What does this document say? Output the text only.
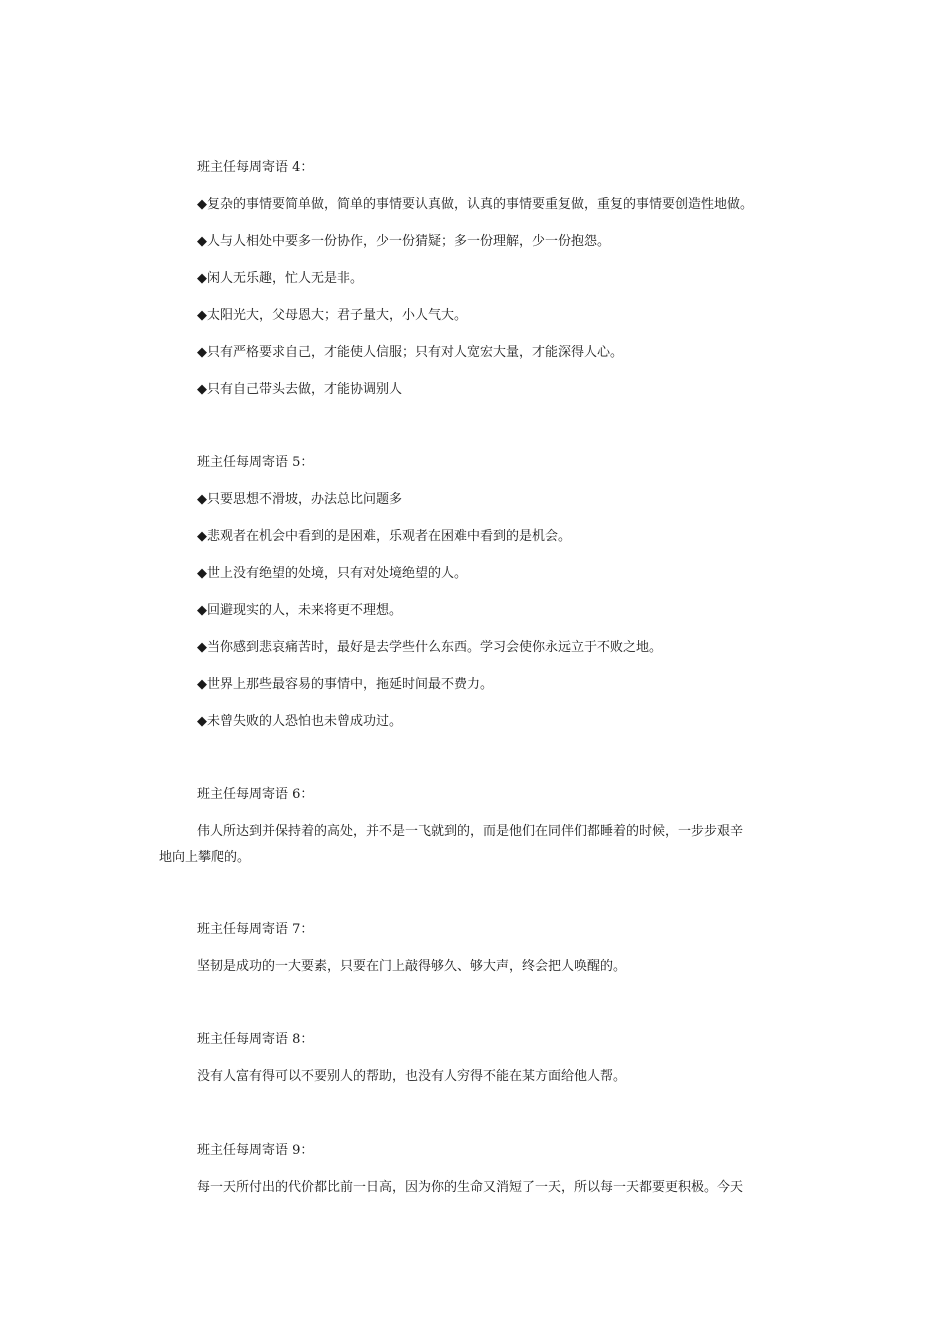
班主任每周寄语 4：
◆复杂的事情要简单做，简单的事情要认真做，认真的事情要重复做，重复的事情要创造性地做。
◆人与人相处中要多一份协作，少一份猜疑；多一份理解，少一份抱怨。
◆闲人无乐趣，忙人无是非。
◆太阳光大，父母恩大；君子量大，小人气大。
◆只有严格要求自己，才能使人信服；只有对人宽宏大量，才能深得人心。
◆只有自己带头去做，才能协调别人
班主任每周寄语 5：
◆只要思想不滑坡，办法总比问题多
◆悲观者在机会中看到的是困难，乐观者在困难中看到的是机会。
◆世上没有绝望的处境，只有对处境绝望的人。
◆回避现实的人，未来将更不理想。
◆当你感到悲哀痛苦时，最好是去学些什么东西。学习会使你永远立于不败之地。
◆世界上那些最容易的事情中，拖延时间最不费力。
◆未曾失败的人恐怕也未曾成功过。
班主任每周寄语 6：
伟人所达到并保持着的高处，并不是一飞就到的，而是他们在同伴们都睡着的时候，一步步艰辛
地向上攀爬的。
班主任每周寄语 7：
坚韧是成功的一大要素，只要在门上敲得够久、够大声，终会把人唤醒的。
班主任每周寄语 8：
没有人富有得可以不要别人的帮助，也没有人穷得不能在某方面给他人帮。
班主任每周寄语 9：
每一天所付出的代价都比前一日高，因为你的生命又消短了一天，所以每一天都要更积极。今天
